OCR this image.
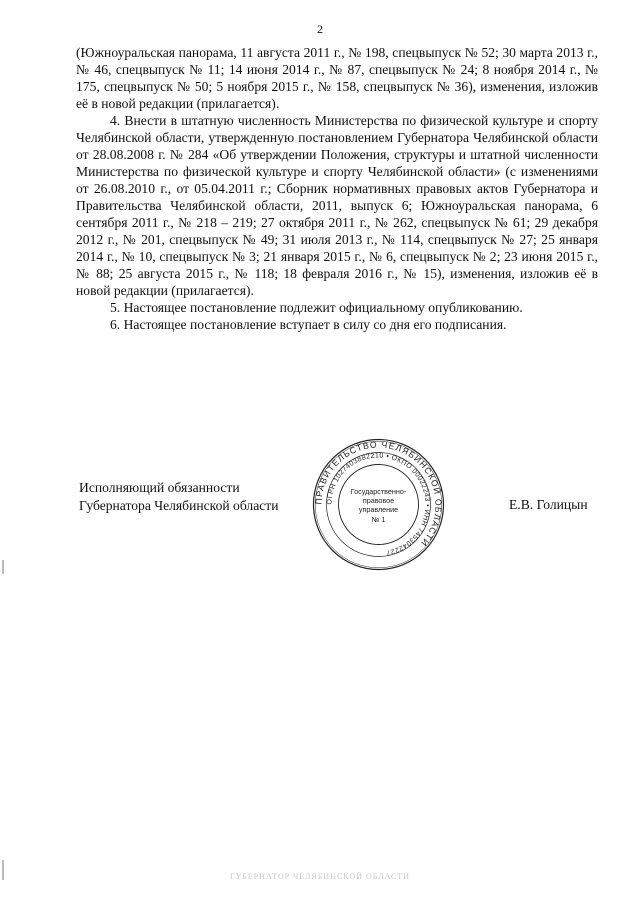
2

(Южноуральская панорама, 11 августа 2011 г., № 198, спецвыпуск № 52; 30 марта 2013 г., № 46, спецвыпуск № 11; 14 июня 2014 г., № 87, спецвыпуск № 24; 8 ноября 2014 г., № 175, спецвыпуск № 50; 5 ноября 2015 г., № 158, спецвыпуск № 36), изменения, изложив её в новой редакции (прилагается).

4. Внести в штатную численность Министерства по физической культуре и спорту Челябинской области, утвержденную постановлением Губернатора Челябинской области от 28.08.2008 г. № 284 «Об утверждении Положения, структуры и штатной численности Министерства по физической культуре и спорту Челябинской области» (с изменениями от 26.08.2010 г., от 05.04.2011 г.; Сборник нормативных правовых актов Губернатора и Правительства Челябинской области, 2011, выпуск 6; Южноуральская панорама, 6 сентября 2011 г., № 218 – 219; 27 октября 2011 г., № 262, спецвыпуск № 61; 29 декабря 2012 г., № 201, спецвыпуск № 49; 31 июля 2013 г., № 114, спецвыпуск № 27; 25 января 2014 г., № 10, спецвыпуск № 3; 21 января 2015 г., № 6, спецвыпуск № 2; 23 июня 2015 г., № 88; 25 августа 2015 г., № 118; 18 февраля 2016 г., № 15), изменения, изложив её в новой редакции (прилагается).

5. Настоящее постановление подлежит официальному опубликованию.

6. Настоящее постановление вступает в силу со дня его подписания.

Исполняющий обязанности
Губернатора Челябинской области	ПРАВИТЕЛЬСТВО ЧЕЛЯБИНСКОЙ ОБЛАСТИ
ОГРН 1027403882210 • ОКПО 00022243 • ИНН 7453042227
Государственно-
правовое
управление
№ 1
Е.В. Голицын
ГУБЕРНАТОР ЧЕЛЯБИНСКОЙ ОБЛАСТИ
